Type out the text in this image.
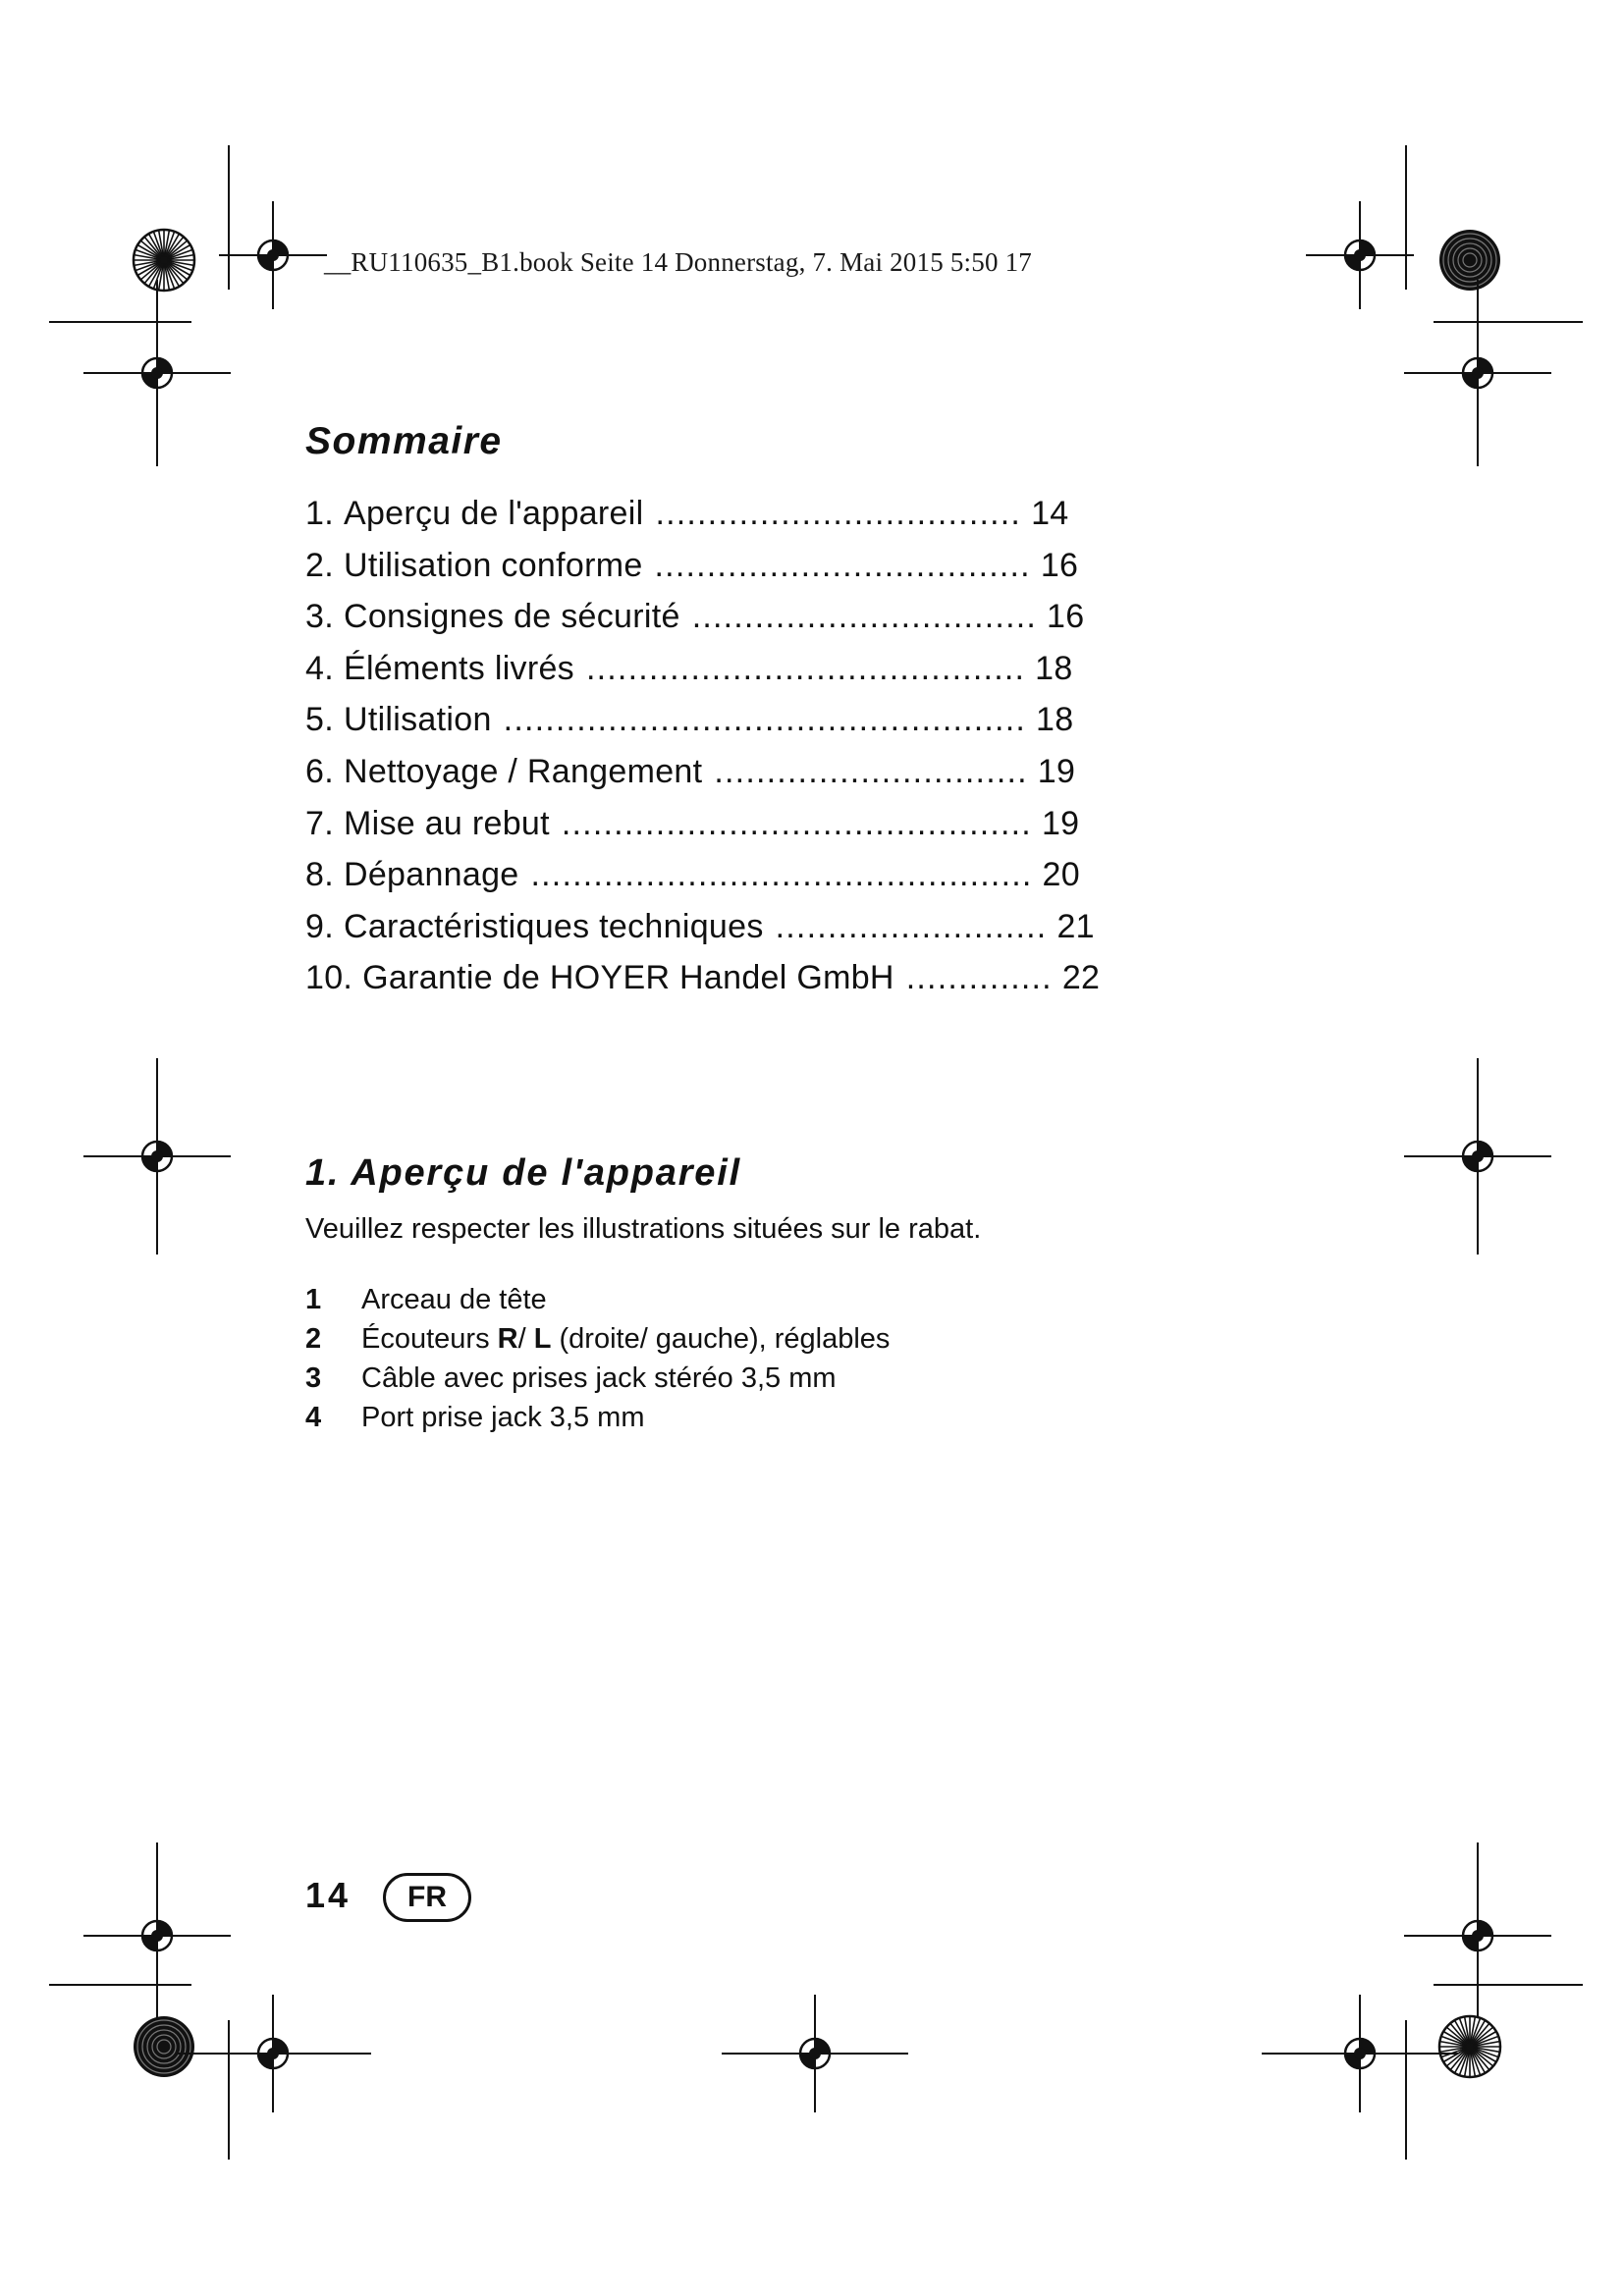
__RU110635_B1.book Seite 14 Donnerstag, 7. Mai 2015 5:50 17
Sommaire
1. Aperçu de l'appareil ................................... 14
2. Utilisation conforme .................................... 16
3. Consignes de sécurité ................................. 16
4. Éléments livrés .......................................... 18
5. Utilisation .................................................. 18
6. Nettoyage / Rangement .............................. 19
7. Mise au rebut ............................................. 19
8. Dépannage ................................................ 20
9. Caractéristiques techniques .......................... 21
10. Garantie de HOYER Handel GmbH .............. 22
1. Aperçu de l'appareil

Veuillez respecter les illustrations situées sur le rabat.

1	Arceau de tête
2	Écouteurs R/ L (droite/ gauche), réglables
3	Câble avec prises jack stéréo 3,5 mm
4	Port prise jack 3,5 mm
14 FR
